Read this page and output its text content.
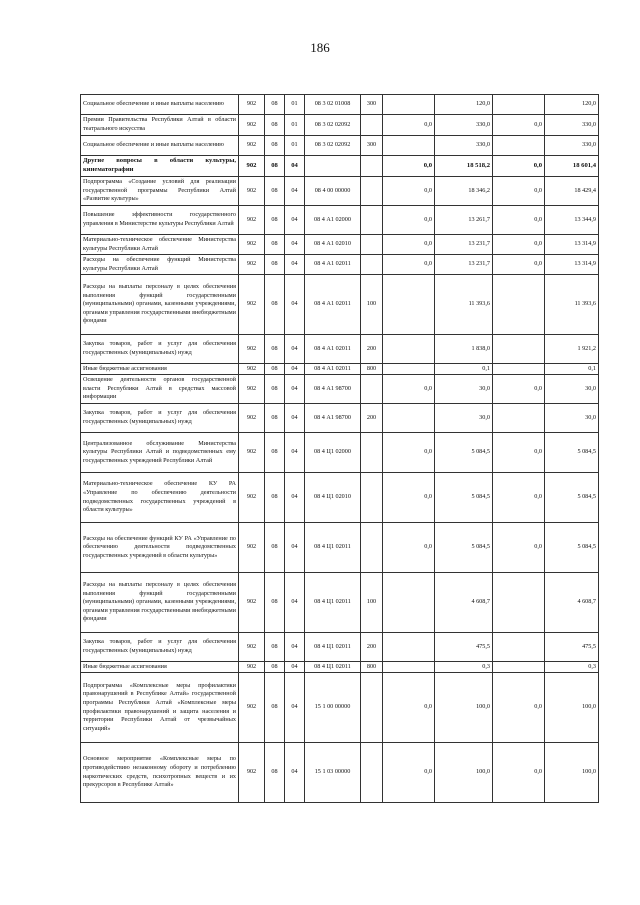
186
Социальное обеспечение и иные выплаты населению	902	08	01	08 3 02 01008	300		120,0		120,0
Премии Правительства Республики Алтай в области театрального искусства	902	08	01	08 3 02 02092		0,0	330,0	0,0	330,0
Социальное обеспечение и иные выплаты населению	902	08	01	08 3 02 02092	300		330,0		330,0
Другие вопросы в области культуры, кинематографии	902	08	04			0,0	18 518,2	0,0	18 601,4
Подпрограмма «Создание условий для реализации государственной программы Республики Алтай «Развитие культуры»	902	08	04	08 4 00 00000		0,0	18 346,2	0,0	18 429,4
Повышение эффективности государственного управления в Министерстве культуры Республики Алтай	902	08	04	08 4 А1 02000		0,0	13 261,7	0,0	13 344,9
Материально-техническое обеспечение Министерства культуры Республики Алтай	902	08	04	08 4 А1 02010		0,0	13 231,7	0,0	13 314,9
Расходы на обеспечение функций Министерства культуры Республики Алтай	902	08	04	08 4 А1 02011		0,0	13 231,7	0,0	13 314,9
Расходы на выплаты персоналу в целях обеспечения выполнения функций государственными (муниципальными) органами, казенными учреждениями, органами управления государственными внебюджетными фондами	902	08	04	08 4 А1 02011	100		11 393,6		11 393,6
Закупка товаров, работ и услуг для обеспечения государственных (муниципальных) нужд	902	08	04	08 4 А1 02011	200		1 838,0		1 921,2
Иные бюджетные ассигнования	902	08	04	08 4 А1 02011	800		0,1		0,1
Освещение деятельности органов государственной власти Республики Алтай в средствах массовой информации	902	08	04	08 4 А1 98700		0,0	30,0	0,0	30,0
Закупка товаров, работ и услуг для обеспечения государственных (муниципальных) нужд	902	08	04	08 4 А1 98700	200		30,0		30,0
Централизованное обслуживание Министерства культуры Республики Алтай и подведомственных ему государственных учреждений Республики Алтай	902	08	04	08 4 Ц1 02000		0,0	5 084,5	0,0	5 084,5
Материально-техническое обеспечение КУ РА «Управление по обеспечению деятельности подведомственных государственных учреждений в области культуры»	902	08	04	08 4 Ц1 02010		0,0	5 084,5	0,0	5 084,5
Расходы на обеспечение функций КУ РА «Управление по обеспечению деятельности подведомственных государственных учреждений в области культуры»	902	08	04	08 4 Ц1 02011		0,0	5 084,5	0,0	5 084,5
Расходы на выплаты персоналу в целях обеспечения выполнения функций государственными (муниципальными) органами, казенными учреждениями, органами управления государственными внебюджетными фондами	902	08	04	08 4 Ц1 02011	100		4 608,7		4 608,7
Закупка товаров, работ и услуг для обеспечения государственных (муниципальных) нужд	902	08	04	08 4 Ц1 02011	200		475,5		475,5
Иные бюджетные ассигнования	902	08	04	08 4 Ц1 02011	800		0,3		0,3
Подпрограмма «Комплексные меры профилактики правонарушений в Республике Алтай» государственной программы Республики Алтай «Комплексные меры профилактики правонарушений и защита населения и территории Республики Алтай от чрезвычайных ситуаций»	902	08	04	15 1 00 00000		0,0	100,0	0,0	100,0
Основное мероприятие «Комплексные меры по противодействию незаконному обороту и потреблению наркотических средств, психотропных веществ и их прекурсоров в Республике Алтай»	902	08	04	15 1 03 00000		0,0	100,0	0,0	100,0
